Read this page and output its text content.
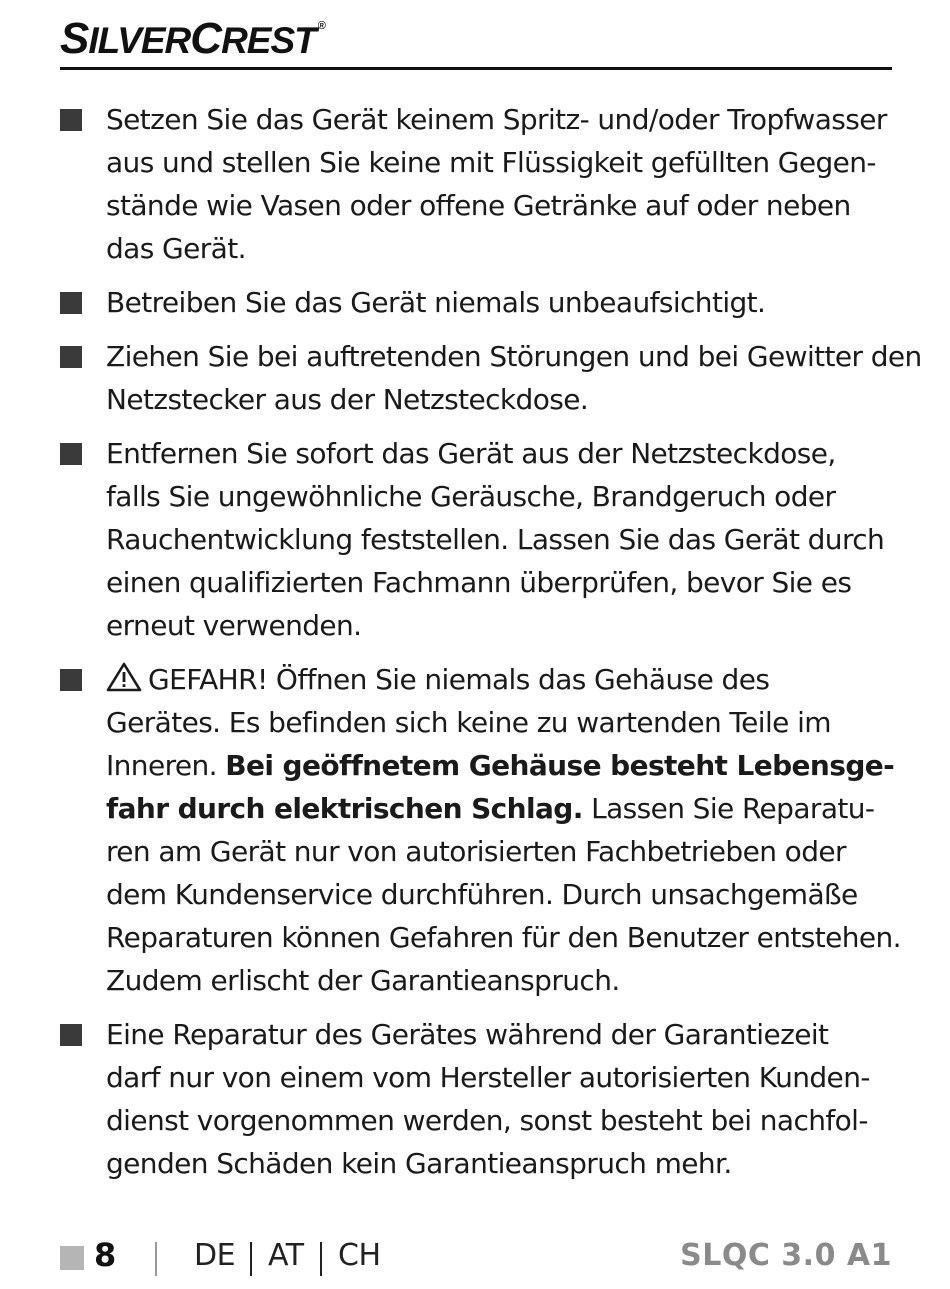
SILVERCREST ®
Setzen Sie das Gerät keinem Spritz- und/oder Tropfwasser
aus und stellen Sie keine mit Flüssigkeit gefüllten Gegen-
stände wie Vasen oder offene Getränke auf oder neben
das Gerät.
Betreiben Sie das Gerät niemals unbeaufsichtigt.
Ziehen Sie bei auftretenden Störungen und bei Gewitter den
Netzstecker aus der Netzsteckdose.
Entfernen Sie sofort das Gerät aus der Netzsteckdose,
falls Sie ungewöhnliche Geräusche, Brandgeruch oder
Rauchentwicklung feststellen. Lassen Sie das Gerät durch
einen qualifizierten Fachmann überprüfen, bevor Sie es
erneut verwenden.
GEFAHR! Öffnen Sie niemals das Gehäuse des
Gerätes. Es befinden sich keine zu wartenden Teile im
Inneren. Bei geöffnetem Gehäuse besteht Lebensge-
fahr durch elektrischen Schlag. Lassen Sie Reparatu-
ren am Gerät nur von autorisierten Fachbetrieben oder
dem Kundenservice durchführen. Durch unsachgemäße
Reparaturen können Gefahren für den Benutzer entstehen.
Zudem erlischt der Garantieanspruch.
Eine Reparatur des Gerätes während der Garantiezeit
darf nur von einem vom Hersteller autorisierten Kunden-
dienst vorgenommen werden, sonst besteht bei nachfol-
genden Schäden kein Garantieanspruch mehr.
8	DE AT CH	SLQC 3.0 A1
